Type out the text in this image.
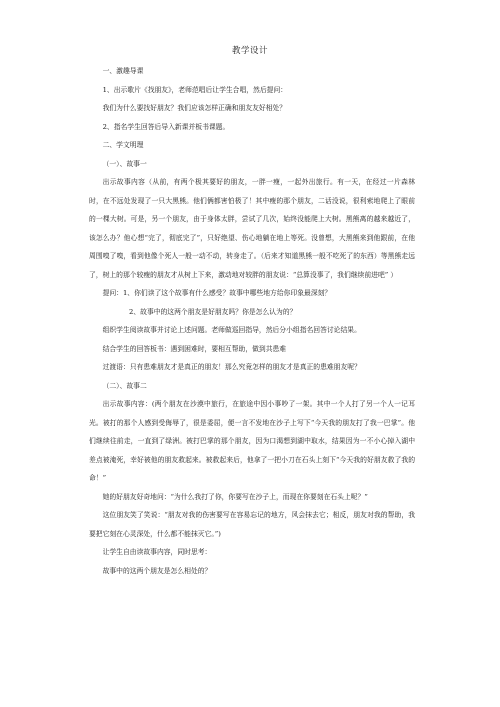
教学设计

一、激趣导课

1、出示歌片《找朋友》，老师范唱后让学生合唱，然后提问：

我们为什么要找好朋友？我们应该怎样正确和朋友友好相处？

2、指名学生回答后导入新课并板书课题。

二、学文明理

（一）、故事一

出示故事内容（从前，有两个极其要好的朋友，一胖一瘦，一起外出旅行。有一天，在经过一片森林时，在不远处发现了一只大黑熊。他们俩都害怕极了！其中瘦的那个朋友，二话没说，很利索地爬上了眼前的一棵大树。可是，另一个朋友，由于身体太胖，尝试了几次，始终没能爬上大树。黑熊离的越来越近了，该怎么办？他心想“完了，彻底完了”，只好绝望、伤心地躺在地上等死。没曾想，大黑熊来到他跟前，在他周围嗅了嗅，看到他像个死人一般一动不动，转身走了。（后来才知道黑熊一般不吃死了的东西）等黑熊走远了，树上的那个较瘦的朋友才从树上下来，激动地对较胖的朋友说：“总算没事了，我们继续前进吧” ）

提问：1、你们读了这个故事有什么感受？故事中哪些地方给你印象最深刻？

2、故事中的这两个朋友是好朋友吗？你是怎么认为的？

组织学生阅读故事并讨论上述问题。老师做巡回指导，然后分小组指名回答讨论结果。

结合学生的回答板书：遇到困难时，要相互帮助，做到共患难

过渡语：只有患难朋友才是真正的朋友！那么究竟怎样的朋友才是真正的患难朋友呢？

（二）、故事二

出示故事内容：(两个朋友在沙漠中旅行，在旅途中因小事吵了一架。其中一个人打了另一个人一记耳光。被打的那个人感到受侮辱了，很是委屈，便一言不发地在沙子上写下“今天我的朋友打了我一巴掌”。他们继续往前走，一直到了绿洲。被打巴掌的那个朋友，因为口渴想到湖中取水，结果因为一不小心掉入湖中差点被淹死，幸好被他的朋友救起来。被救起来后，他拿了一把小刀在石头上刻下“今天我的好朋友救了我的命！”

她的好朋友好奇地问：“为什么我打了你，你要写在沙子上，而现在你要刻在石头上呢？”

这位朋友笑了笑说：“朋友对我的伤害要写在容易忘记的地方，风会抹去它；相反，朋友对我的帮助，我要把它刻在心灵深处，什么都不能抹灭它。”)

让学生自由读故事内容，同时思考：

故事中的这两个朋友是怎么相处的？
